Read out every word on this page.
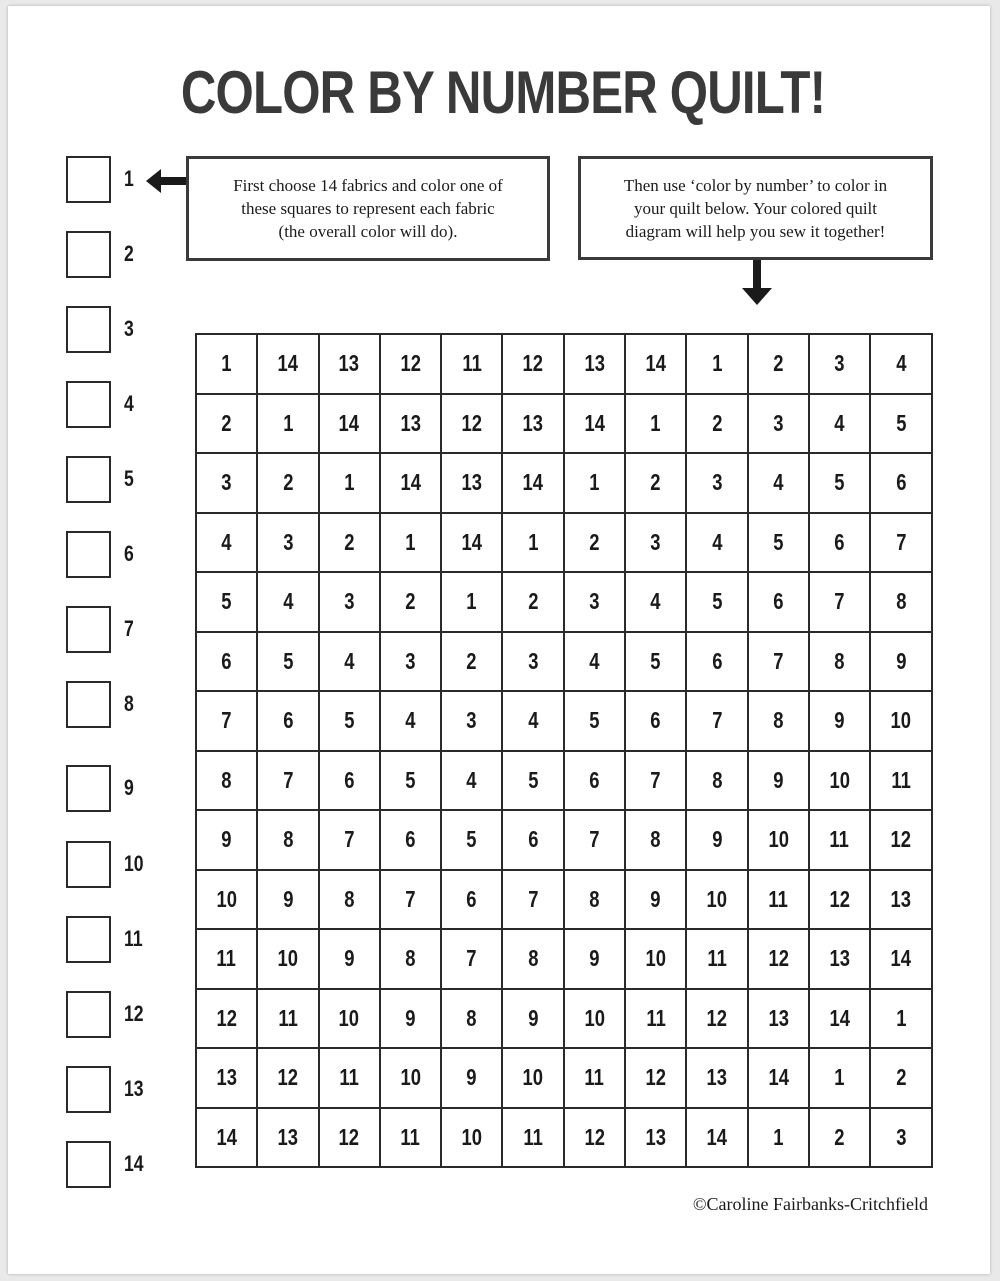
COLOR BY NUMBER QUILT!
1
2
3
4
5
6
7
8
9
10
11
12
13
14
First choose 14 fabrics and color one of
these squares to represent each fabric
(the overall color will do).
Then use ‘color by number’ to color in
your quilt below. Your colored quilt
diagram will help you sew it together!
1	14	13	12	11	12	13	14	1	2	3	4
2	1	14	13	12	13	14	1	2	3	4	5
3	2	1	14	13	14	1	2	3	4	5	6
4	3	2	1	14	1	2	3	4	5	6	7
5	4	3	2	1	2	3	4	5	6	7	8
6	5	4	3	2	3	4	5	6	7	8	9
7	6	5	4	3	4	5	6	7	8	9	10
8	7	6	5	4	5	6	7	8	9	10	11
9	8	7	6	5	6	7	8	9	10	11	12
10	9	8	7	6	7	8	9	10	11	12	13
11	10	9	8	7	8	9	10	11	12	13	14
12	11	10	9	8	9	10	11	12	13	14	1
13	12	11	10	9	10	11	12	13	14	1	2
14	13	12	11	10	11	12	13	14	1	2	3
©Caroline Fairbanks-Critchfield
